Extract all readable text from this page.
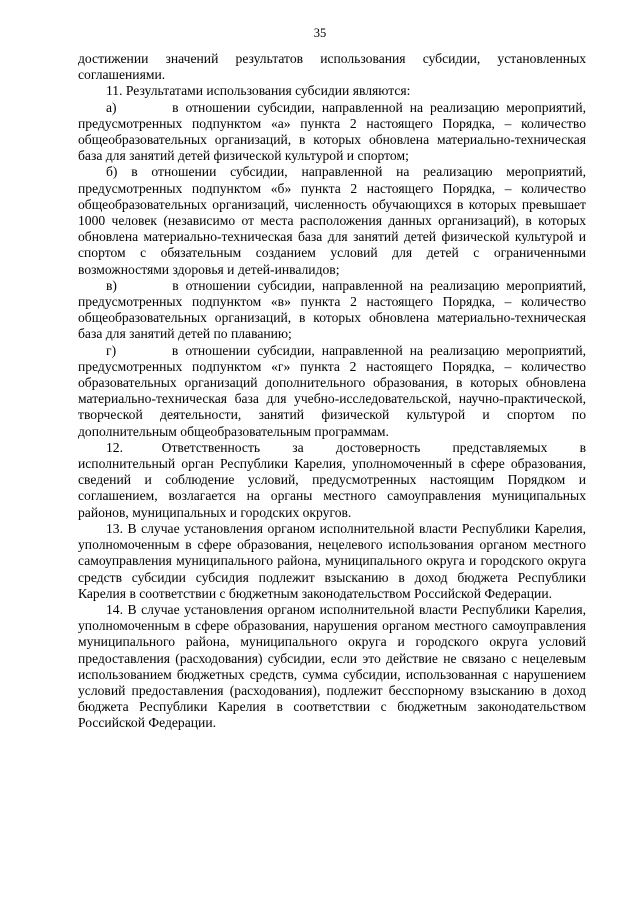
35

достижении значений результатов использования субсидии, установленных соглашениями.

11. Результатами использования субсидии являются:

а)        в отношении субсидии, направленной на реализацию мероприятий, предусмотренных подпунктом «а» пункта 2 настоящего Порядка, – количество общеобразовательных организаций, в которых обновлена материально-техническая база для занятий детей физической культурой и спортом;

б) в отношении субсидии, направленной на реализацию мероприятий, предусмотренных подпунктом «б» пункта 2 настоящего Порядка, – количество общеобразовательных организаций, численность обучающихся в которых превышает 1000 человек (независимо от места расположения данных организаций), в которых обновлена материально-техническая база для занятий детей физической культурой и спортом с обязательным созданием условий для детей с ограниченными возможностями здоровья и детей-инвалидов;

в)        в отношении субсидии, направленной на реализацию мероприятий, предусмотренных подпунктом «в» пункта 2 настоящего Порядка, – количество общеобразовательных организаций, в которых обновлена материально-техническая база для занятий детей по плаванию;

г)        в отношении субсидии, направленной на реализацию мероприятий, предусмотренных подпунктом «г» пункта 2 настоящего Порядка, – количество образовательных организаций дополнительного образования, в которых обновлена материально-техническая база для учебно-исследовательской, научно-практической, творческой деятельности, занятий физической культурой и спортом по дополнительным общеобразовательным программам.

12.      Ответственность     за     достоверность     представляемых     в исполнительный орган Республики Карелия, уполномоченный в сфере образования, сведений и соблюдение условий, предусмотренных настоящим Порядком и соглашением, возлагается на органы местного самоуправления муниципальных районов, муниципальных и городских округов.

13. В случае установления органом исполнительной власти Республики Карелия, уполномоченным в сфере образования, нецелевого использования органом местного самоуправления муниципального района, муниципального округа и городского округа средств субсидии субсидия подлежит взысканию в доход бюджета Республики Карелия в соответствии с бюджетным законодательством Российской Федерации.

14. В случае установления органом исполнительной власти Республики Карелия, уполномоченным в сфере образования, нарушения органом местного самоуправления муниципального района, муниципального округа и городского округа условий предоставления (расходования) субсидии, если это действие не связано с нецелевым использованием бюджетных средств, сумма субсидии, использованная с нарушением условий предоставления (расходования), подлежит бесспорному взысканию в доход бюджета Республики Карелия в соответствии с бюджетным законодательством Российской Федерации.
